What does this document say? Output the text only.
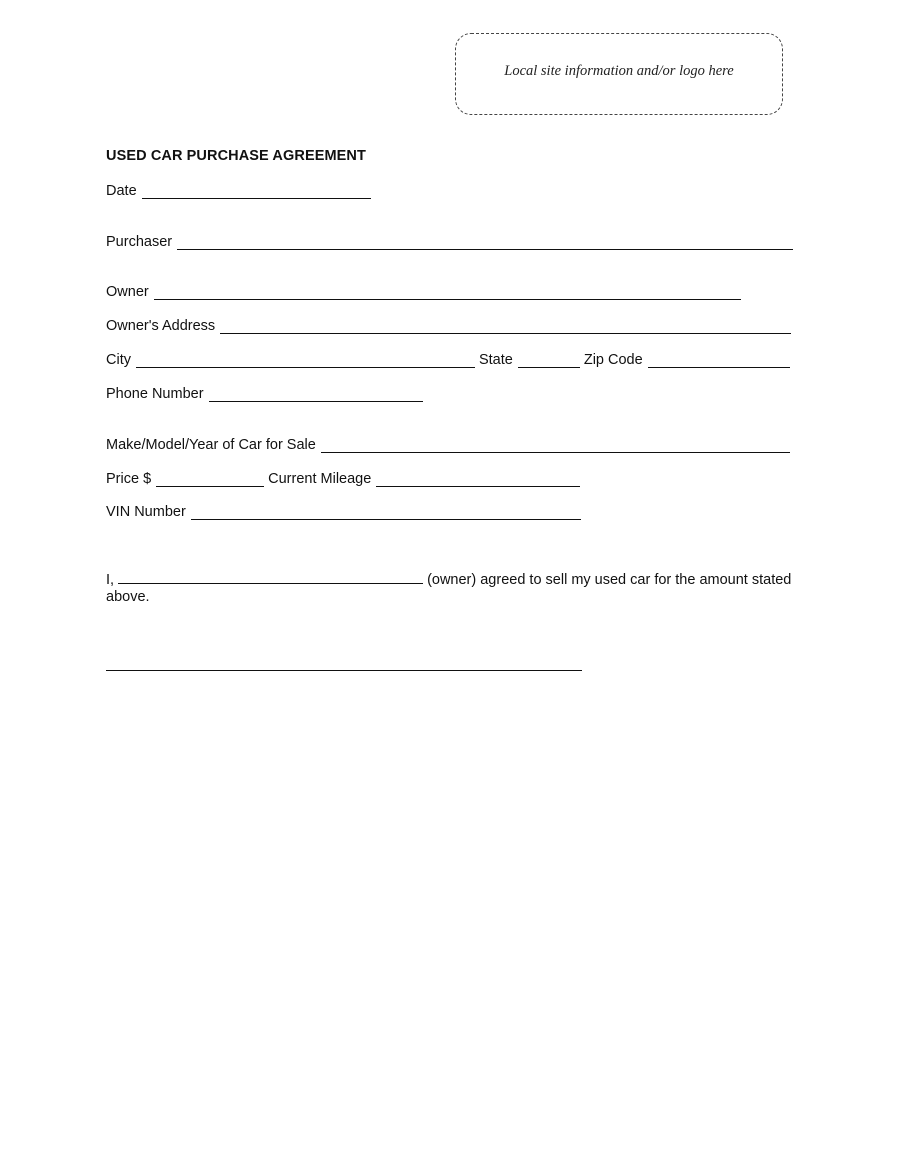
Local site information and/or logo here
USED CAR PURCHASE AGREEMENT
Date
Purchaser
Owner
Owner's Address
City	State	Zip Code
Phone Number
Make/Model/Year of Car for Sale
Price $	Current Mileage
VIN Number
I,	(owner) agreed to sell my used car for the amount stated above.
